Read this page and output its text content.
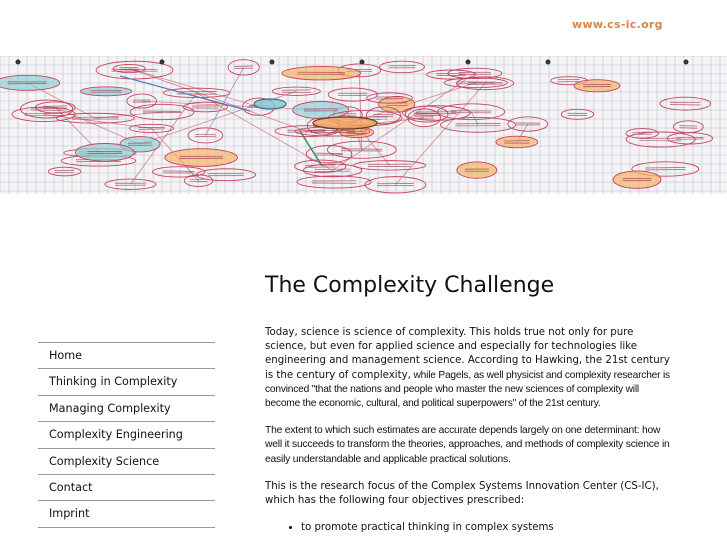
www.cs-ic.org
The Complexity Challenge
Home
Thinking in Complexity
Managing Complexity
Complexity Engineering
Complexity Science
Contact
Imprint

Today, science is science of complexity. This holds true not only for pure science, but even for applied science and especially for technologies like engineering and management science. According to Hawking, the 21st century is the century of complexity, while Pagels, as well physicist and complexity researcher is convinced "that the nations and people who master the new sciences of complexity will become the economic, cultural, and political superpowers" of the 21st century.

The extent to which such estimates are accurate depends largely on one determinant: how well it succeeds to transform the theories, approaches, and methods of complexity science in easily understandable and applicable practical solutions.

This is the research focus of the Complex Systems Innovation Center (CS-IC), which has the following four objectives prescribed:

• to promote practical thinking in complex systems
